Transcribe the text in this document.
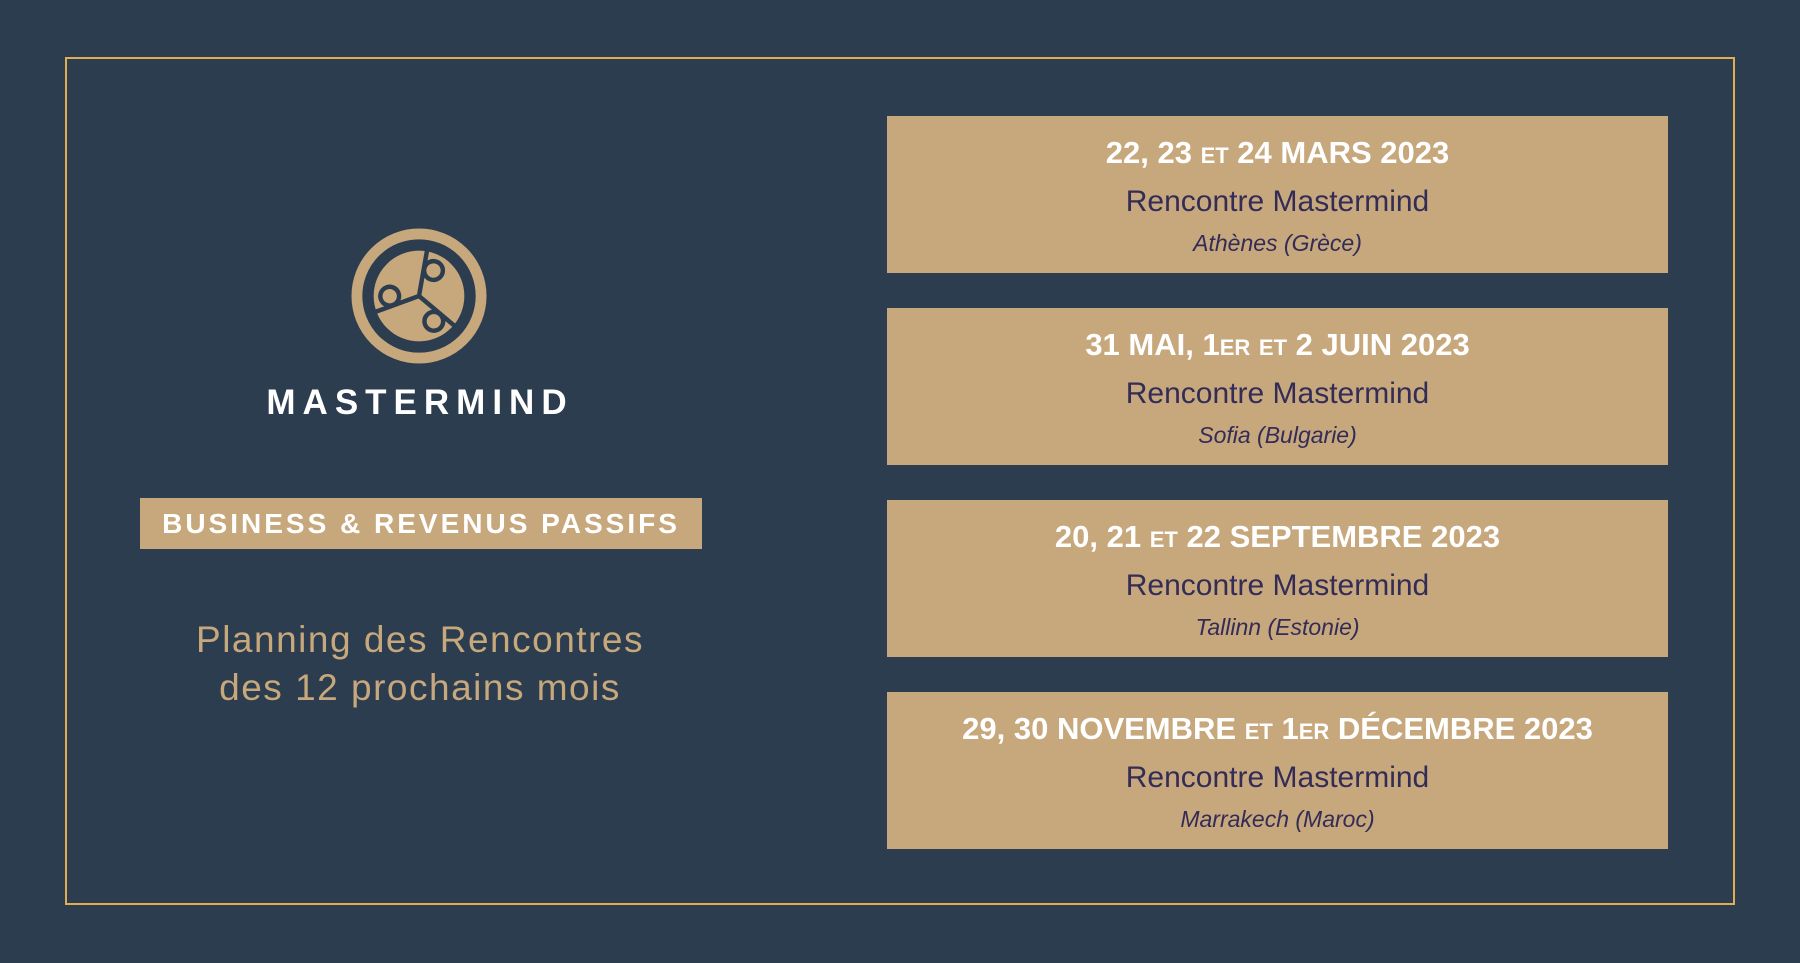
MASTERMIND
BUSINESS & REVENUS PASSIFS
Planning des Rencontres
des 12 prochains mois
22, 23 ET 24 MARS 2023
Rencontre Mastermind
Athènes (Grèce)
31 MAI, 1ER ET 2 JUIN 2023
Rencontre Mastermind
Sofia (Bulgarie)
20, 21 ET 22 SEPTEMBRE 2023
Rencontre Mastermind
Tallinn (Estonie)
29, 30 NOVEMBRE ET 1ER DÉCEMBRE 2023
Rencontre Mastermind
Marrakech (Maroc)
